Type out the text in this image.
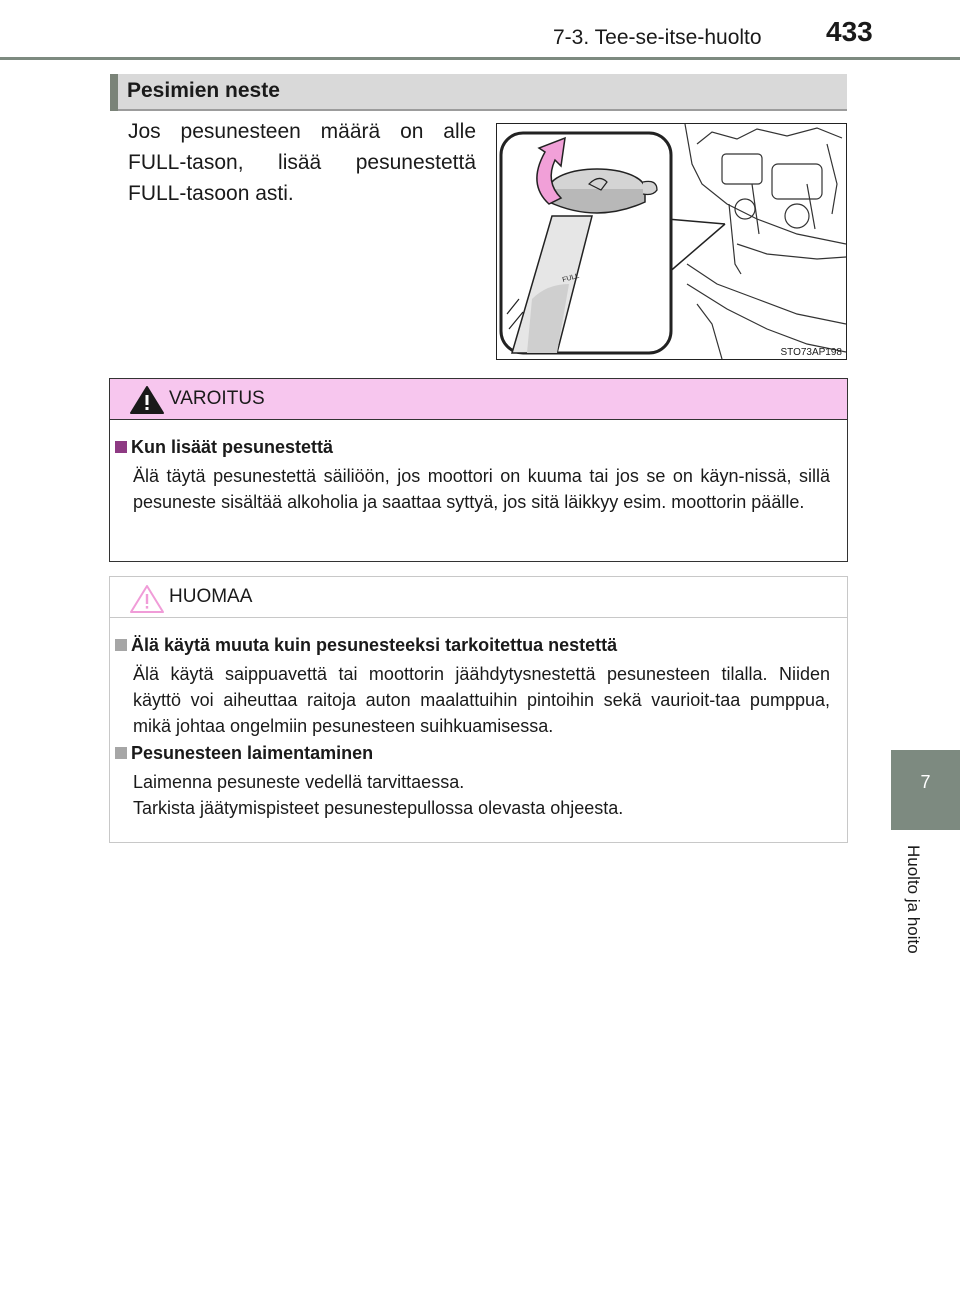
7-3. Tee-se-itse-huolto 433
7
Huolto ja hoito
Pesimien neste
Jos pesunesteen määrä on alle FULL-tason, lisää pesunestettä FULL-tasoon asti.
FULL
STO73AP198
VAROITUS
Kun lisäät pesunestettä
Älä täytä pesunestettä säiliöön, jos moottori on kuuma tai jos se on käyn-nissä, sillä pesuneste sisältää alkoholia ja saattaa syttyä, jos sitä läikkyy esim. moottorin päälle.
HUOMAA
Älä käytä muuta kuin pesunesteeksi tarkoitettua nestettä
Älä käytä saippuavettä tai moottorin jäähdytysnestettä pesunesteen tilalla. Niiden käyttö voi aiheuttaa raitoja auton maalattuihin pintoihin sekä vaurioit-taa pumppua, mikä johtaa ongelmiin pesunesteen suihkuamisessa.
Pesunesteen laimentaminen
Laimenna pesuneste vedellä tarvittaessa.
Tarkista jäätymispisteet pesunestepullossa olevasta ohjeesta.
